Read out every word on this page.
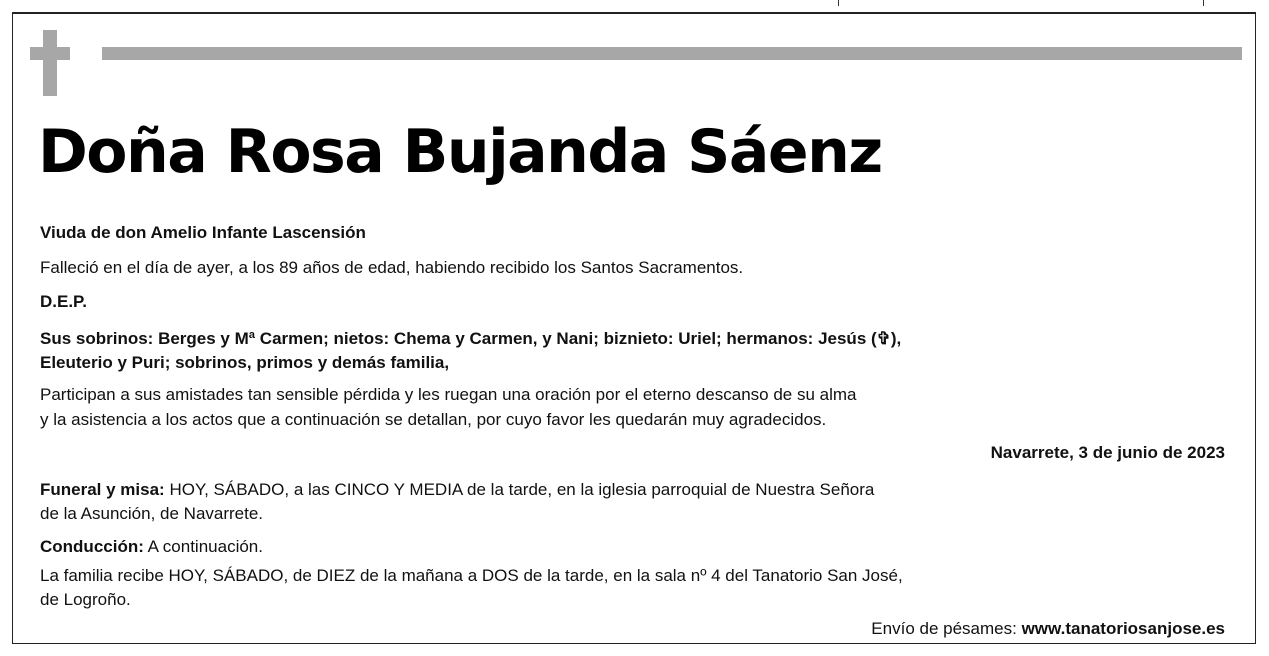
Doña Rosa Bujanda Sáenz
Viuda de don Amelio Infante Lascensión
Falleció en el día de ayer, a los 89 años de edad, habiendo recibido los Santos Sacramentos.
D.E.P.
Sus sobrinos: Berges y Mª Carmen; nietos: Chema y Carmen, y Nani; biznieto: Uriel; hermanos: Jesús (✞),
Eleuterio y Puri; sobrinos, primos y demás familia,
Participan a sus amistades tan sensible pérdida y les ruegan una oración por el eterno descanso de su alma
y la asistencia a los actos que a continuación se detallan, por cuyo favor les quedarán muy agradecidos.
Navarrete, 3 de junio de 2023
Funeral y misa: HOY, SÁBADO, a las CINCO Y MEDIA de la tarde, en la iglesia parroquial de Nuestra Señora
de la Asunción, de Navarrete.
Conducción: A continuación.
La familia recibe HOY, SÁBADO, de DIEZ de la mañana a DOS de la tarde, en la sala nº 4 del Tanatorio San José,
de Logroño.
Envío de pésames: www.tanatoriosanjose.es
